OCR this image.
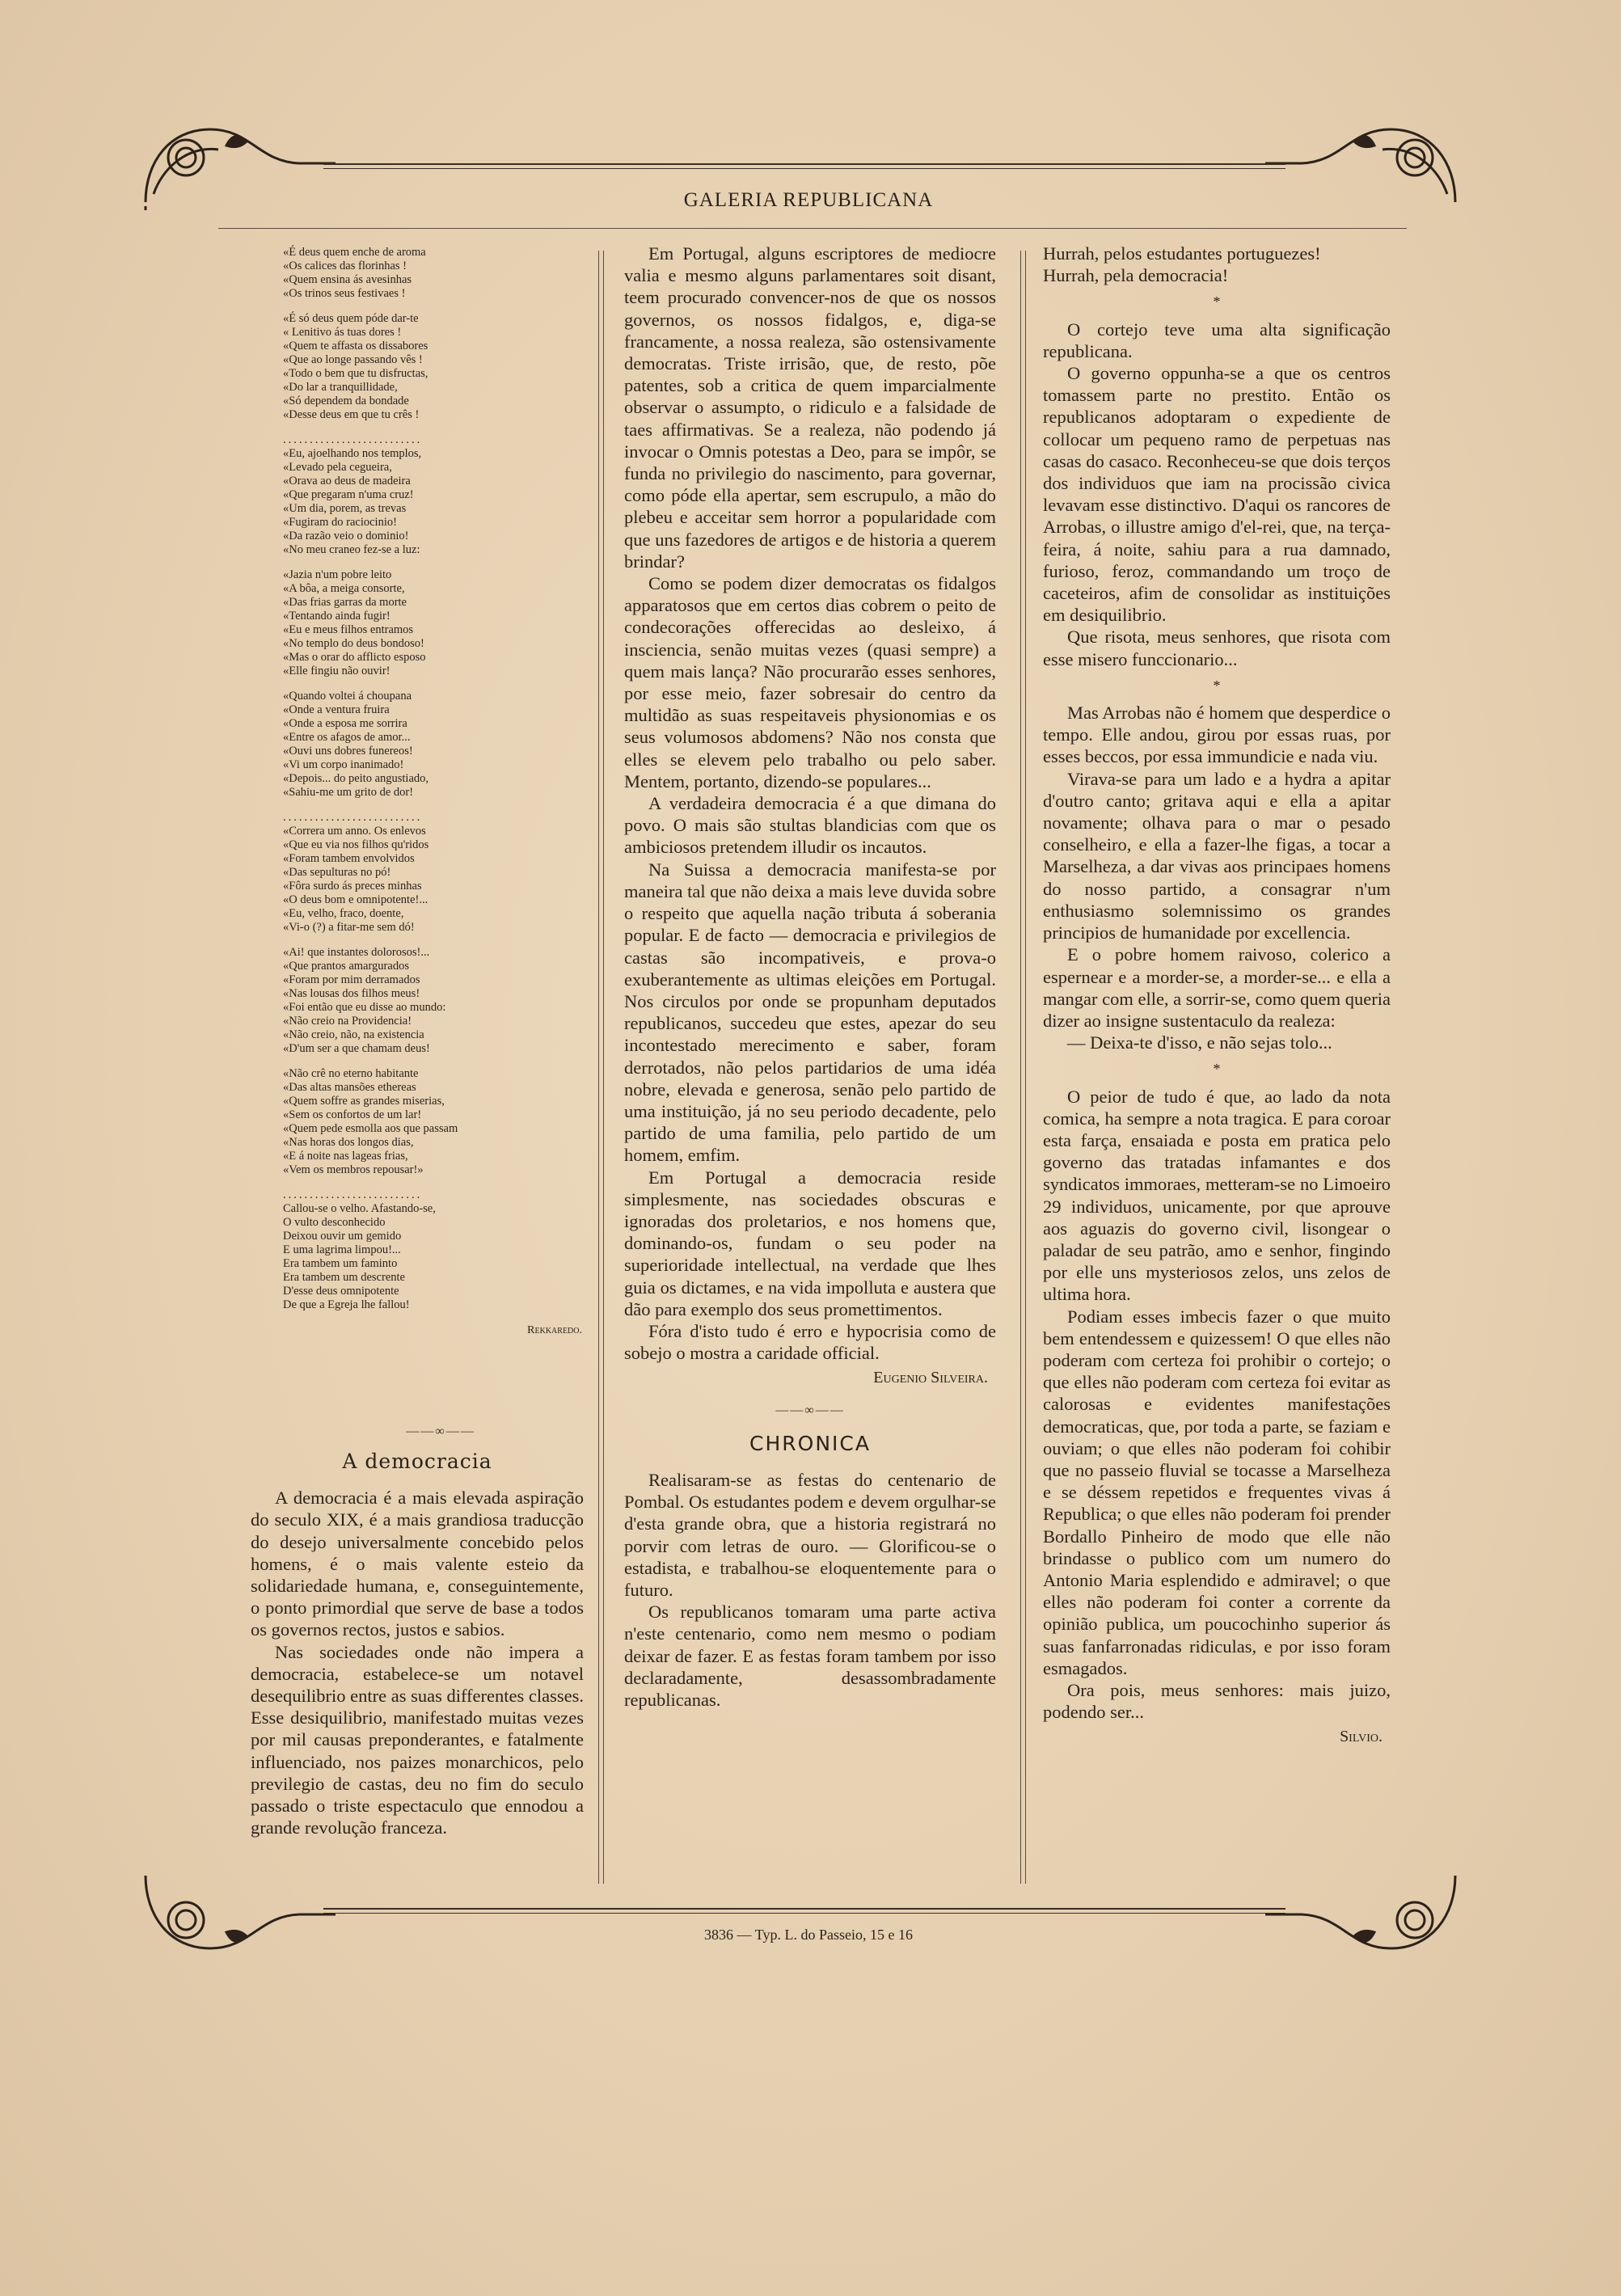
GALERIA REPUBLICANA

«É deus quem enche de aroma
«Os calices das florinhas !
«Quem ensina ás avesinhas
«Os trinos seus festivaes !

«É só deus quem póde dar-te
« Lenitivo ás tuas dores !
«Quem te affasta os dissabores
«Que ao longe passando vês !
«Todo o bem que tu disfructas,
«Do lar a tranquillidade,
«Só dependem da bondade
«Desse deus em que tu crês !

..........................

«Eu, ajoelhando nos templos,
«Levado pela cegueira,
«Orava ao deus de madeira
«Que pregaram n'uma cruz!
«Um dia, porem, as trevas
«Fugiram do raciocinio!
«Da razão veio o dominio!
«No meu craneo fez-se a luz:

«Jazia n'um pobre leito
«A bôa, a meiga consorte,
«Das frias garras da morte
«Tentando ainda fugir!
«Eu e meus filhos entramos
«No templo do deus bondoso!
«Mas o orar do afflicto esposo
«Elle fingiu não ouvir!

«Quando voltei á choupana
«Onde a ventura fruira
«Onde a esposa me sorrira
«Entre os afagos de amor...
«Ouvi uns dobres funereos!
«Vi um corpo inanimado!
«Depois... do peito angustiado,
«Sahiu-me um grito de dor!

..........................

«Correra um anno. Os enlevos
«Que eu via nos filhos qu'ridos
«Foram tambem envolvidos
«Das sepulturas no pó!
«Fôra surdo ás preces minhas
«O deus bom e omnipotente!...
«Eu, velho, fraco, doente,
«Vi-o (?) a fitar-me sem dó!

«Ai! que instantes dolorosos!...
«Que prantos amargurados
«Foram por mim derramados
«Nas lousas dos filhos meus!
«Foi então que eu disse ao mundo:
«Não creio na Providencia!
«Não creio, não, na existencia
«D'um ser a que chamam deus!

«Não crê no eterno habitante
«Das altas mansões ethereas
«Quem soffre as grandes miserias,
«Sem os confortos de um lar!
«Quem pede esmolla aos que passam
«Nas horas dos longos dias,
«E á noite nas lageas frias,
«Vem os membros repousar!»

..........................

Callou-se o velho. Afastando-se,
O vulto desconhecido
Deixou ouvir um gemido
E uma lagrima limpou!...
Era tambem um faminto
Era tambem um descrente
D'esse deus omnipotente
De que a Egreja lhe fallou!

Rekkaredo.
——∞——
A democracia

A democracia é a mais elevada aspiração do seculo XIX, é a mais grandiosa traducção do desejo universalmente concebido pelos homens, é o mais valente esteio da solidariedade humana, e, conseguintemente, o ponto primordial que serve de base a todos os governos rectos, justos e sabios.

Nas sociedades onde não impera a democracia, estabelece-se um notavel desequilibrio entre as suas differentes classes. Esse desiquilibrio, manifestado muitas vezes por mil causas preponderantes, e fatalmente influenciado, nos paizes monarchicos, pelo previlegio de castas, deu no fim do seculo passado o triste espectaculo que ennodou a grande revolução franceza.

Em Portugal, alguns escriptores de mediocre valia e mesmo alguns parlamentares soit disant, teem procurado convencer-nos de que os nossos governos, os nossos fidalgos, e, diga-se francamente, a nossa realeza, são ostensivamente democratas. Triste irrisão, que, de resto, põe patentes, sob a critica de quem imparcialmente observar o assumpto, o ridiculo e a falsidade de taes affirmativas. Se a realeza, não podendo já invocar o Omnis potestas a Deo, para se impôr, se funda no privilegio do nascimento, para governar, como póde ella apertar, sem escrupulo, a mão do plebeu e acceitar sem horror a popularidade com que uns fazedores de artigos e de historia a querem brindar?

Como se podem dizer democratas os fidalgos apparatosos que em certos dias cobrem o peito de condecorações offerecidas ao desleixo, á insciencia, senão muitas vezes (quasi sempre) a quem mais lança? Não procurarão esses senhores, por esse meio, fazer sobresair do centro da multidão as suas respeitaveis physionomias e os seus volumosos abdomens? Não nos consta que elles se elevem pelo trabalho ou pelo saber. Mentem, portanto, dizendo-se populares...

A verdadeira democracia é a que dimana do povo. O mais são stultas blandicias com que os ambiciosos pretendem illudir os incautos.

Na Suissa a democracia manifesta-se por maneira tal que não deixa a mais leve duvida sobre o respeito que aquella nação tributa á soberania popular. E de facto — democracia e privilegios de castas são incompativeis, e prova-o exuberantemente as ultimas eleições em Portugal. Nos circulos por onde se propunham deputados republicanos, succedeu que estes, apezar do seu incontestado merecimento e saber, foram derrotados, não pelos partidarios de uma idéa nobre, elevada e generosa, senão pelo partido de uma instituição, já no seu periodo decadente, pelo partido de uma familia, pelo partido de um homem, emfim.

Em Portugal a democracia reside simplesmente, nas sociedades obscuras e ignoradas dos proletarios, e nos homens que, dominando-os, fundam o seu poder na superioridade intellectual, na verdade que lhes guia os dictames, e na vida impolluta e austera que dão para exemplo dos seus promettimentos.

Fóra d'isto tudo é erro e hypocrisia como de sobejo o mostra a caridade official.

Eugenio Silveira.
——∞——
CHRONICA

Realisaram-se as festas do centenario de Pombal. Os estudantes podem e devem orgulhar-se d'esta grande obra, que a historia registrará no porvir com letras de ouro. — Glorificou-se o estadista, e trabalhou-se eloquentemente para o futuro.

Os republicanos tomaram uma parte activa n'este centenario, como nem mesmo o podiam deixar de fazer. E as festas foram tambem por isso declaradamente, desassombradamente republicanas.

Hurrah, pelos estudantes portuguezes!

Hurrah, pela democracia!

*

O cortejo teve uma alta significação republicana.

O governo oppunha-se a que os centros tomassem parte no prestito. Então os republicanos adoptaram o expediente de collocar um pequeno ramo de perpetuas nas casas do casaco. Reconheceu-se que dois terços dos individuos que iam na procissão civica levavam esse distinctivo. D'aqui os rancores de Arrobas, o illustre amigo d'el-rei, que, na terça-feira, á noite, sahiu para a rua damnado, furioso, feroz, commandando um troço de caceteiros, afim de consolidar as instituições em desiquilibrio.

Que risota, meus senhores, que risota com esse misero funccionario...

*

Mas Arrobas não é homem que desperdice o tempo. Elle andou, girou por essas ruas, por esses beccos, por essa immundicie e nada viu.

Virava-se para um lado e a hydra a apitar d'outro canto; gritava aqui e ella a apitar novamente; olhava para o mar o pesado conselheiro, e ella a fazer-lhe figas, a tocar a Marselheza, a dar vivas aos principaes homens do nosso partido, a consagrar n'um enthusiasmo solemnissimo os grandes principios de humanidade por excellencia.

E o pobre homem raivoso, colerico a espernear e a morder-se, a morder-se... e ella a mangar com elle, a sorrir-se, como quem queria dizer ao insigne sustentaculo da realeza:

— Deixa-te d'isso, e não sejas tolo...

*

O peior de tudo é que, ao lado da nota comica, ha sempre a nota tragica. E para coroar esta farça, ensaiada e posta em pratica pelo governo das tratadas infamantes e dos syndicatos immoraes, metteram-se no Limoeiro 29 individuos, unicamente, por que aprouve aos aguazis do governo civil, lisongear o paladar de seu patrão, amo e senhor, fingindo por elle uns mysteriosos zelos, uns zelos de ultima hora.

Podiam esses imbecis fazer o que muito bem entendessem e quizessem! O que elles não poderam com certeza foi prohibir o cortejo; o que elles não poderam com certeza foi evitar as calorosas e evidentes manifestações democraticas, que, por toda a parte, se faziam e ouviam; o que elles não poderam foi cohibir que no passeio fluvial se tocasse a Marselheza e se déssem repetidos e frequentes vivas á Republica; o que elles não poderam foi prender Bordallo Pinheiro de modo que elle não brindasse o publico com um numero do Antonio Maria esplendido e admiravel; o que elles não poderam foi conter a corrente da opinião publica, um poucochinho superior ás suas fanfarronadas ridiculas, e por isso foram esmagados.

Ora pois, meus senhores: mais juizo, podendo ser...

Silvio.
3836 — Typ. L. do Passeio, 15 e 16
